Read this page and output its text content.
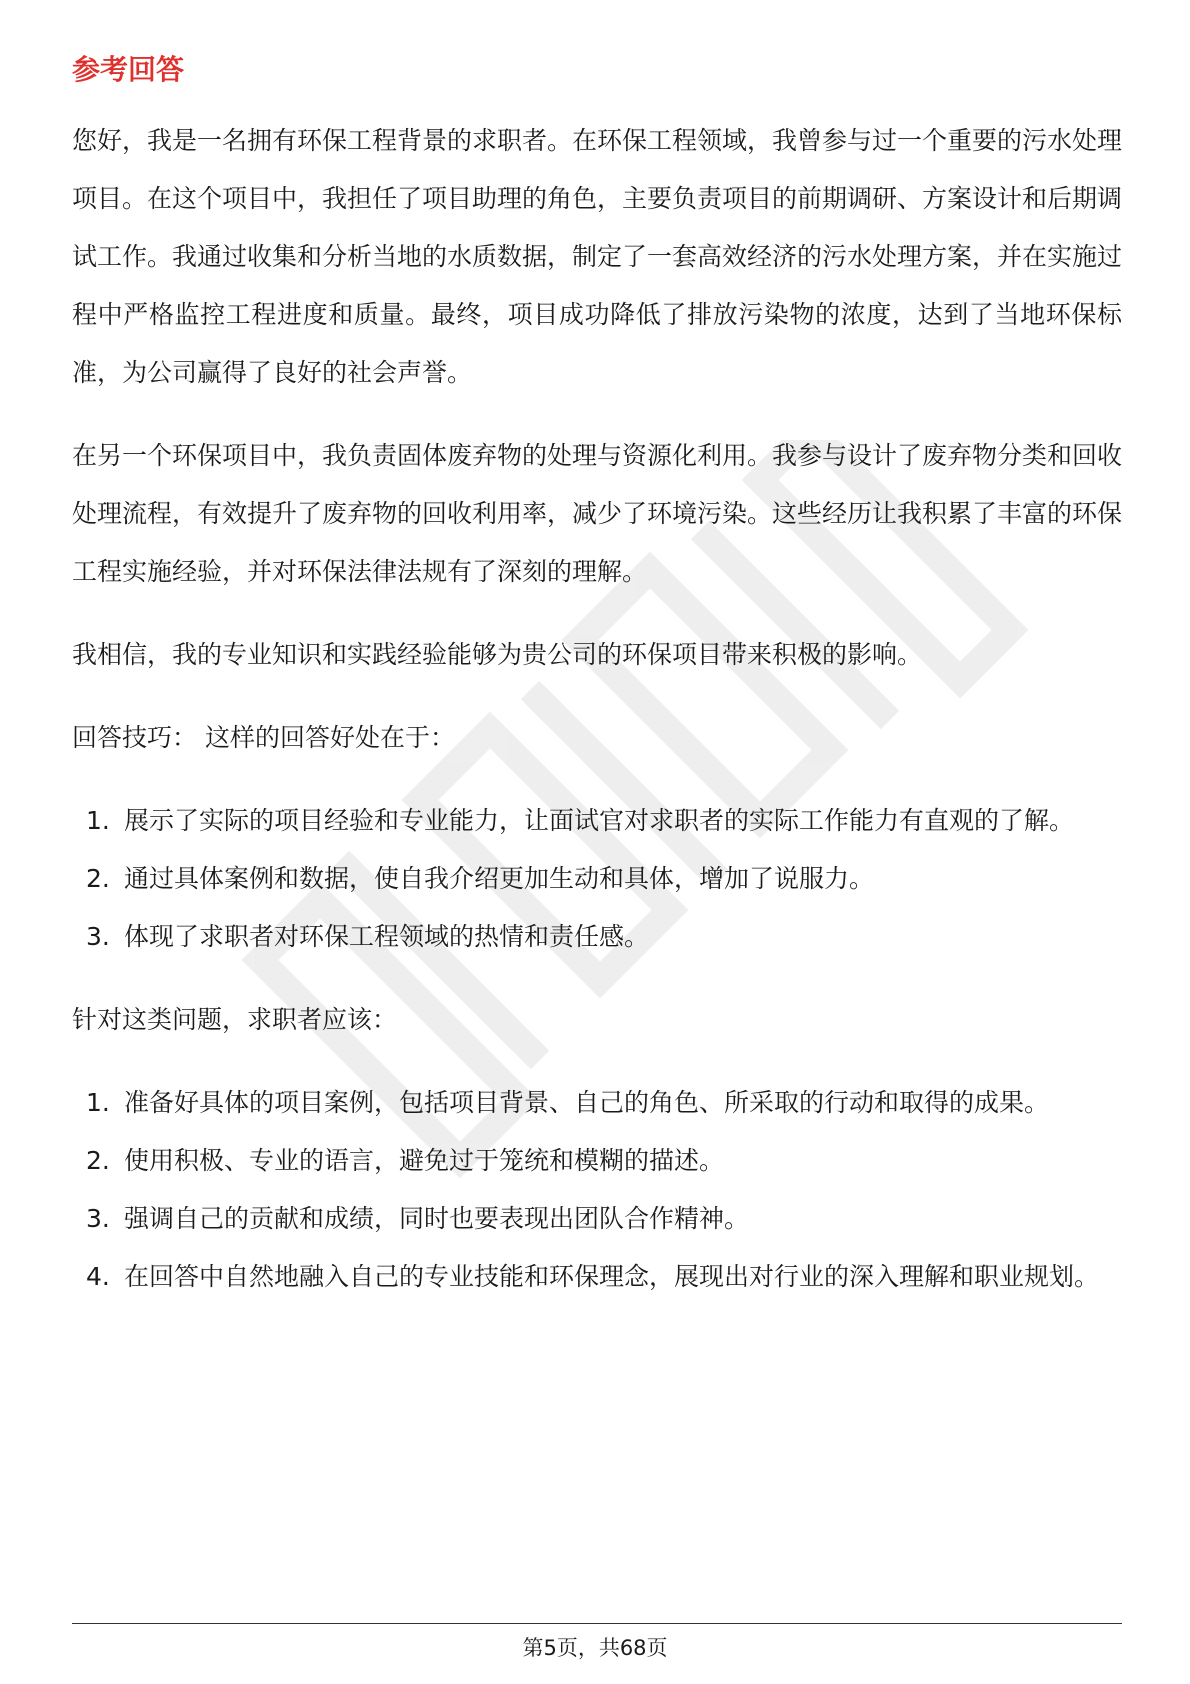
参考回答

您好，我是一名拥有环保工程背景的求职者。在环保工程领域，我曾参与过一个重要的污水处理项目。在这个项目中，我担任了项目助理的角色，主要负责项目的前期调研、方案设计和后期调试工作。我通过收集和分析当地的水质数据，制定了一套高效经济的污水处理方案，并在实施过程中严格监控工程进度和质量。最终，项目成功降低了排放污染物的浓度，达到了当地环保标准，为公司赢得了良好的社会声誉。

在另一个环保项目中，我负责固体废弃物的处理与资源化利用。我参与设计了废弃物分类和回收处理流程，有效提升了废弃物的回收利用率，减少了环境污染。这些经历让我积累了丰富的环保工程实施经验，并对环保法律法规有了深刻的理解。

我相信，我的专业知识和实践经验能够为贵公司的环保项目带来积极的影响。

回答技巧： 这样的回答好处在于：

1. 展示了实际的项目经验和专业能力，让面试官对求职者的实际工作能力有直观的了解。
2. 通过具体案例和数据，使自我介绍更加生动和具体，增加了说服力。
3. 体现了求职者对环保工程领域的热情和责任感。

针对这类问题，求职者应该：

1. 准备好具体的项目案例，包括项目背景、自己的角色、所采取的行动和取得的成果。
2. 使用积极、专业的语言，避免过于笼统和模糊的描述。
3. 强调自己的贡献和成绩，同时也要表现出团队合作精神。
4. 在回答中自然地融入自己的专业技能和环保理念，展现出对行业的深入理解和职业规划。
第5页，共68页
